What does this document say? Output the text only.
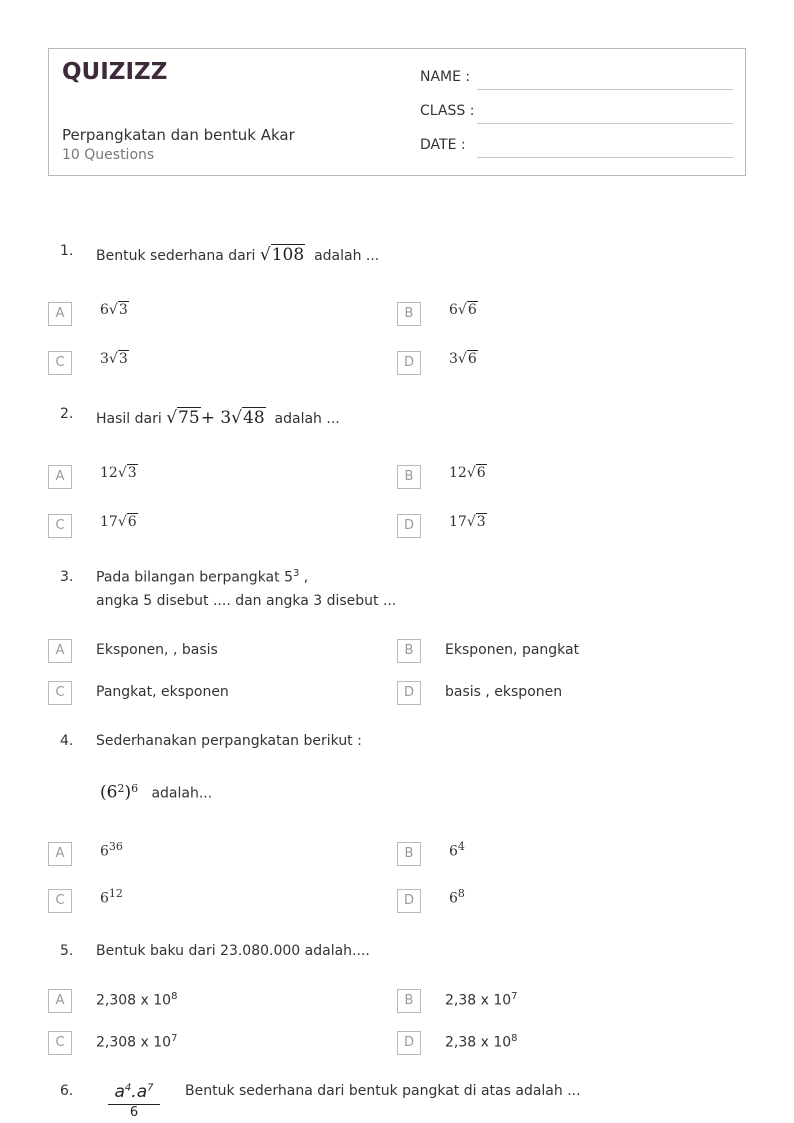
QUIZIZZ
Perpangkatan dan bentuk Akar
10 Questions
NAME :
CLASS :
DATE :
1. Bentuk sederhana dari √108 adalah ...
A	6√3	B	6√6
C	3√3	D	3√6
2. Hasil dari √75+ 3√48 adalah ...
A	12√3	B	12√6
C	17√6	D	17√3
3. Pada bilangan berpangkat $5^3$ ,
angka 5 disebut .... dan angka 3 disebut ...
A	Eksponen, , basis	B	Eksponen, pangkat
C	Pangkat, eksponen	D	basis , eksponen
4. Sederhanakan perpangkatan berikut :
$(6^2)^6$ adalah...
A	$6^{36}$	B	$6^4$
C	$6^{12}$	D	$6^8$
5. Bentuk baku dari 23.080.000 adalah....
A	2,308 x $10^8$	B	2,38 x $10^7$
C	2,308 x $10^7$	D	2,38 x $10^8$
6.	$a^4.a^7$
6
Bentuk sederhana dari bentuk pangkat di atas adalah ...
